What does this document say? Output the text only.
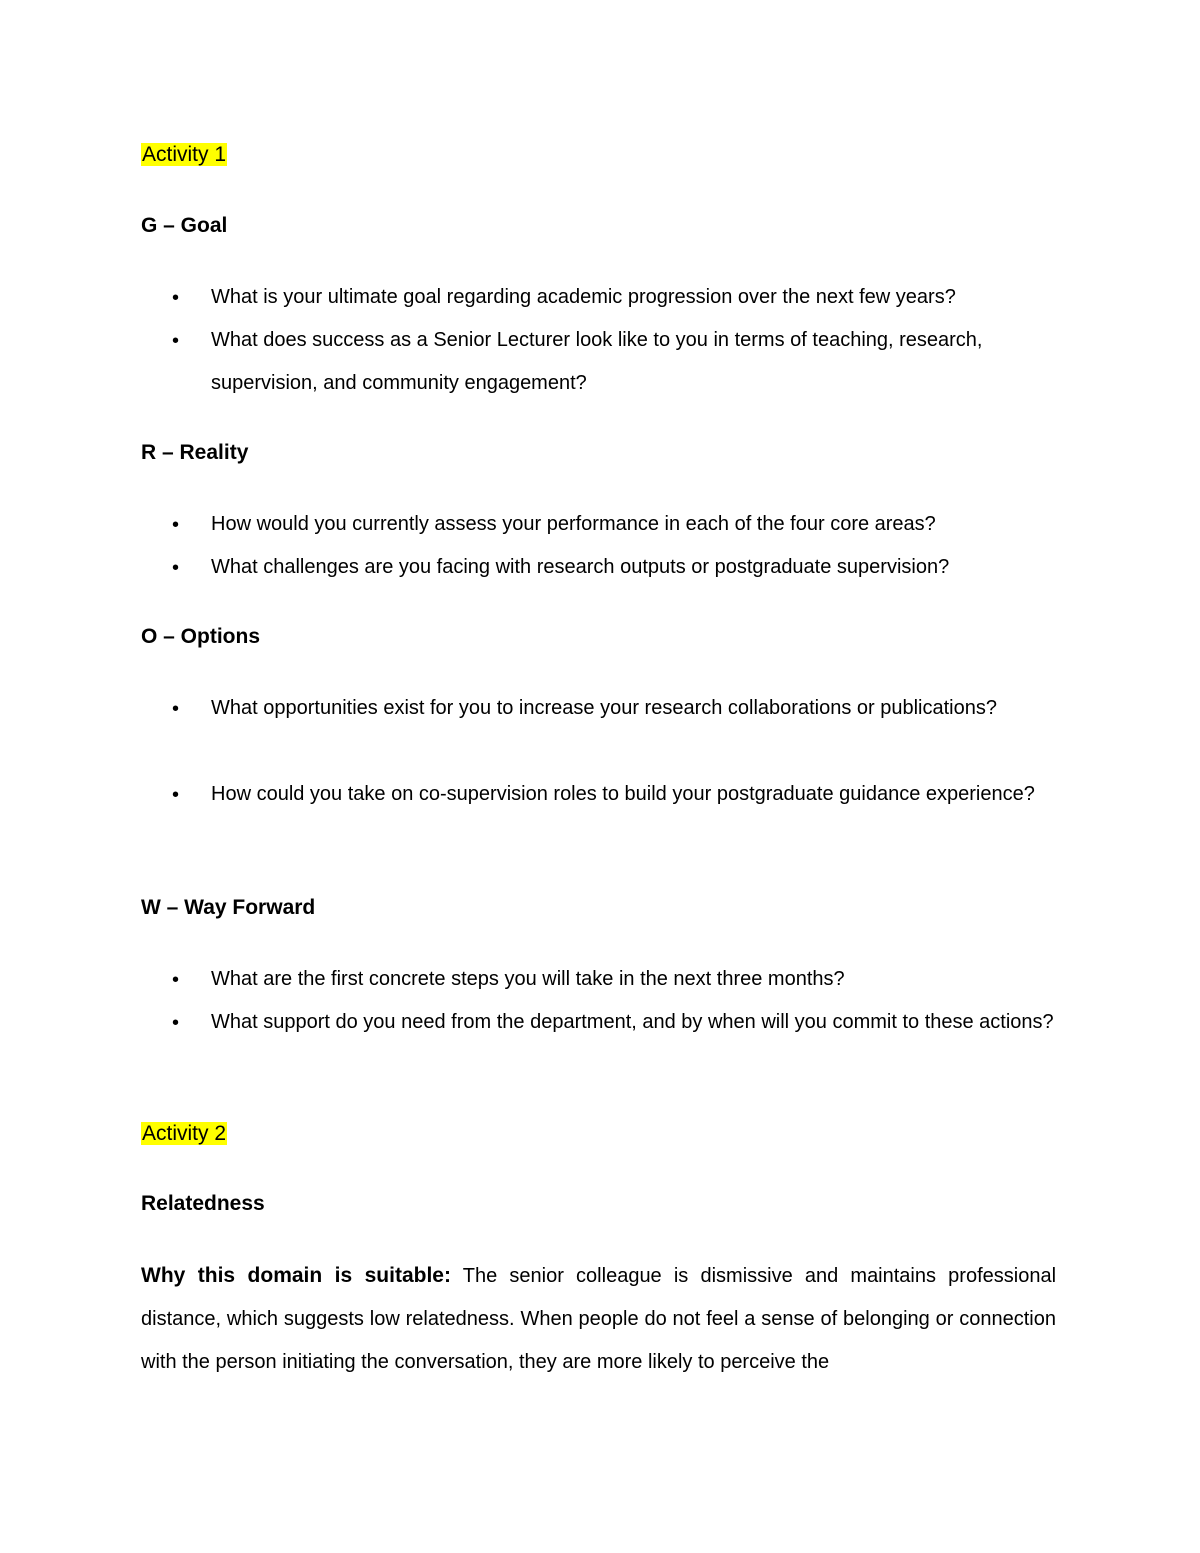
Activity 1
G – Goal
• What is your ultimate goal regarding academic progression over the next few years?
• What does success as a Senior Lecturer look like to you in terms of teaching, research, supervision, and community engagement?
R – Reality
• How would you currently assess your performance in each of the four core areas?
• What challenges are you facing with research outputs or postgraduate supervision?
O – Options
• What opportunities exist for you to increase your research collaborations or publications?
• How could you take on co-supervision roles to build your postgraduate guidance experience?
W – Way Forward
• What are the first concrete steps you will take in the next three months?
• What support do you need from the department, and by when will you commit to these actions?
Activity 2
Relatedness
Why this domain is suitable: The senior colleague is dismissive and maintains professional distance, which suggests low relatedness. When people do not feel a sense of belonging or connection with the person initiating the conversation, they are more likely to perceive the
